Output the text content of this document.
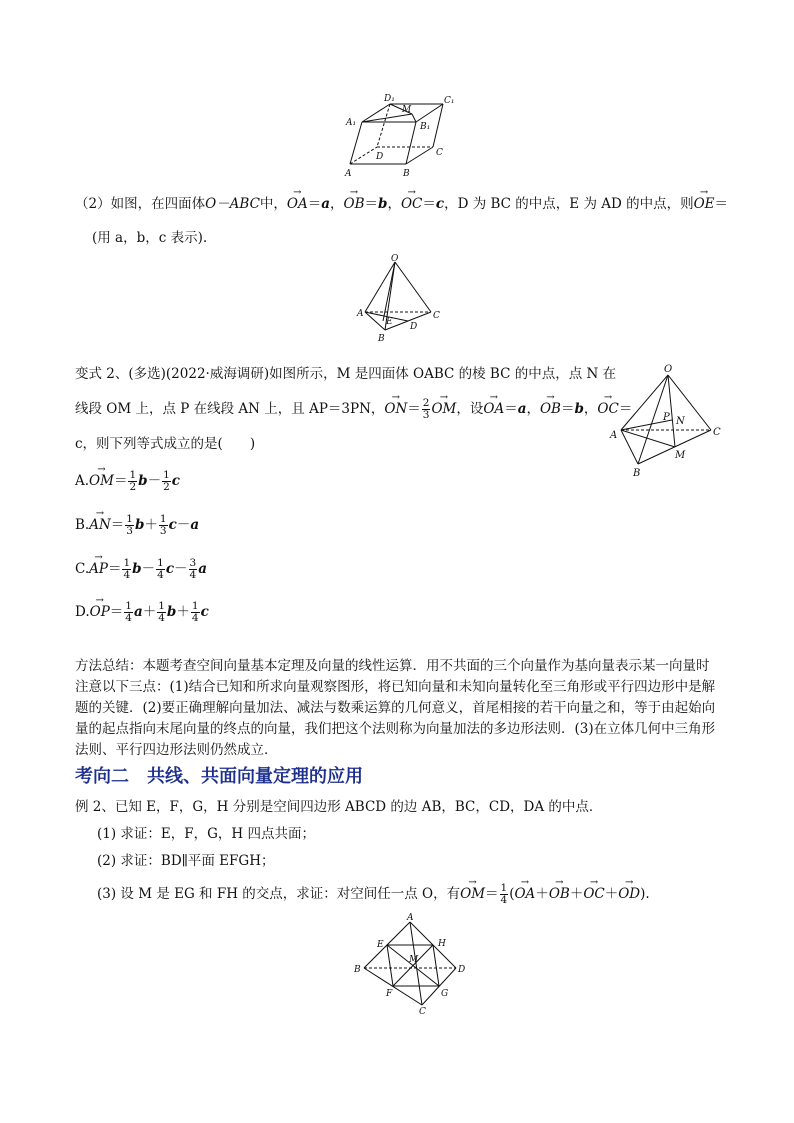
D₁	C₁
A₁
M
B₁
D	C
A	B
（2）如图，在四面体O－ABC中，→ OA＝a，→ OB＝b，→ OC＝c，D 为 BC 的中点，E 为 AD 的中点，则→ OE＝
(用 a，b，c 表示).
O
A	C
E D
B
变式 2、(多选)(2022·威海调研)如图所示，M 是四面体 OABC 的棱 BC 的中点，点 N 在
线段 OM 上，点 P 在线段 AN 上，且 AP＝3PN，→ $ON= \frac{2}{3}$
→ OM，设→ OA＝a，→ OB＝b，→ OC＝
c，则下列等式成立的是(　　)
O
P N
A	C
M
B
$A.\to OM= \frac{1}{2} b- \frac{1}{2}$ c
$B.\to AN= \frac{1}{3} b+ \frac{1}{3} c-a$
$C.\to AP= \frac{1}{4} b- \frac{1}{4} c- \frac{3}{4}$ a
$D.\to OP= \frac{1}{4} a+ \frac{1}{4} b+ \frac{1}{4}$ c
方法总结：本题考查空间向量基本定理及向量的线性运算．用不共面的三个向量作为基向量表示某一向量时注意以下三点：(1)结合已知和所求向量观察图形，将已知向量和未知向量转化至三角形或平行四边形中是解题的关键．(2)要正确理解向量加法、减法与数乘运算的几何意义，首尾相接的若干向量之和，等于由起始向量的起点指向末尾向量的终点的向量，我们把这个法则称为向量加法的多边形法则．(3)在立体几何中三角形法则、平行四边形法则仍然成立．
考向二　共线、共面向量定理的应用
例 2、已知 E，F，G，H 分别是空间四边形 ABCD 的边 AB，BC，CD，DA 的中点．
(1) 求证：E，F，G，H 四点共面；
(2) 求证：BD∥平面 EFGH；
(3) 设 M 是 EG 和 FH 的交点，求证：对空间任一点 O，有→ $OM= \frac{1}{4}$ (→ OA＋→ OB＋→ OC＋→ OD).
A
E	H
B
M
D
F	G
C
